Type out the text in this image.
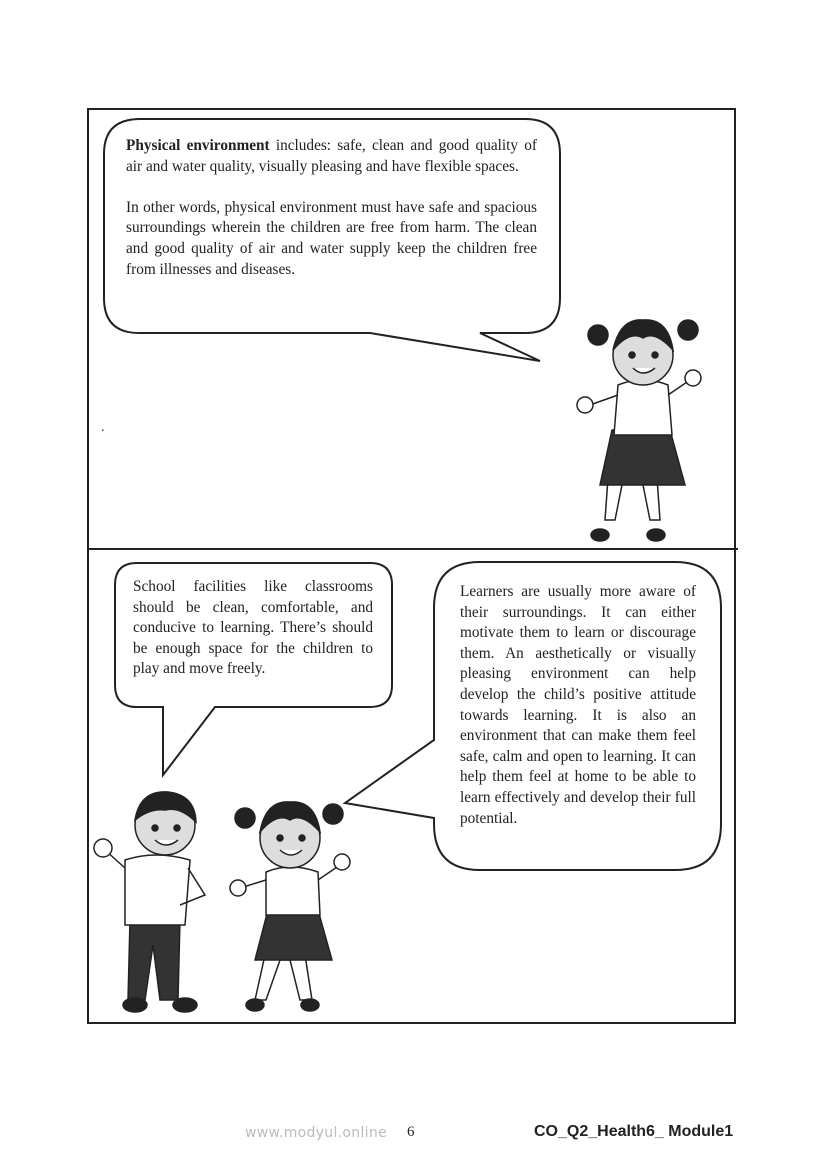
Physical environment includes: safe, clean and good quality of air and water quality, visually pleasing and have flexible spaces.

In other words, physical environment must have safe and spacious surroundings wherein the children are free from harm. The clean and good quality of air and water supply keep the children free from illnesses and diseases.

.
School facilities like classrooms should be clean, comfortable, and conducive to learning. There’s should be enough space for the children to play and move freely.
Learners are usually more aware of their surroundings. It can either motivate them to learn or discourage them. An aesthetically or visually pleasing environment can help develop the child’s positive attitude towards learning. It is also an environment that can make them feel safe, calm and open to learning. It can help them feel at home to be able to learn effectively and develop their full potential.
www.modyul.online 6	CO_Q2_Health6_ Module1
